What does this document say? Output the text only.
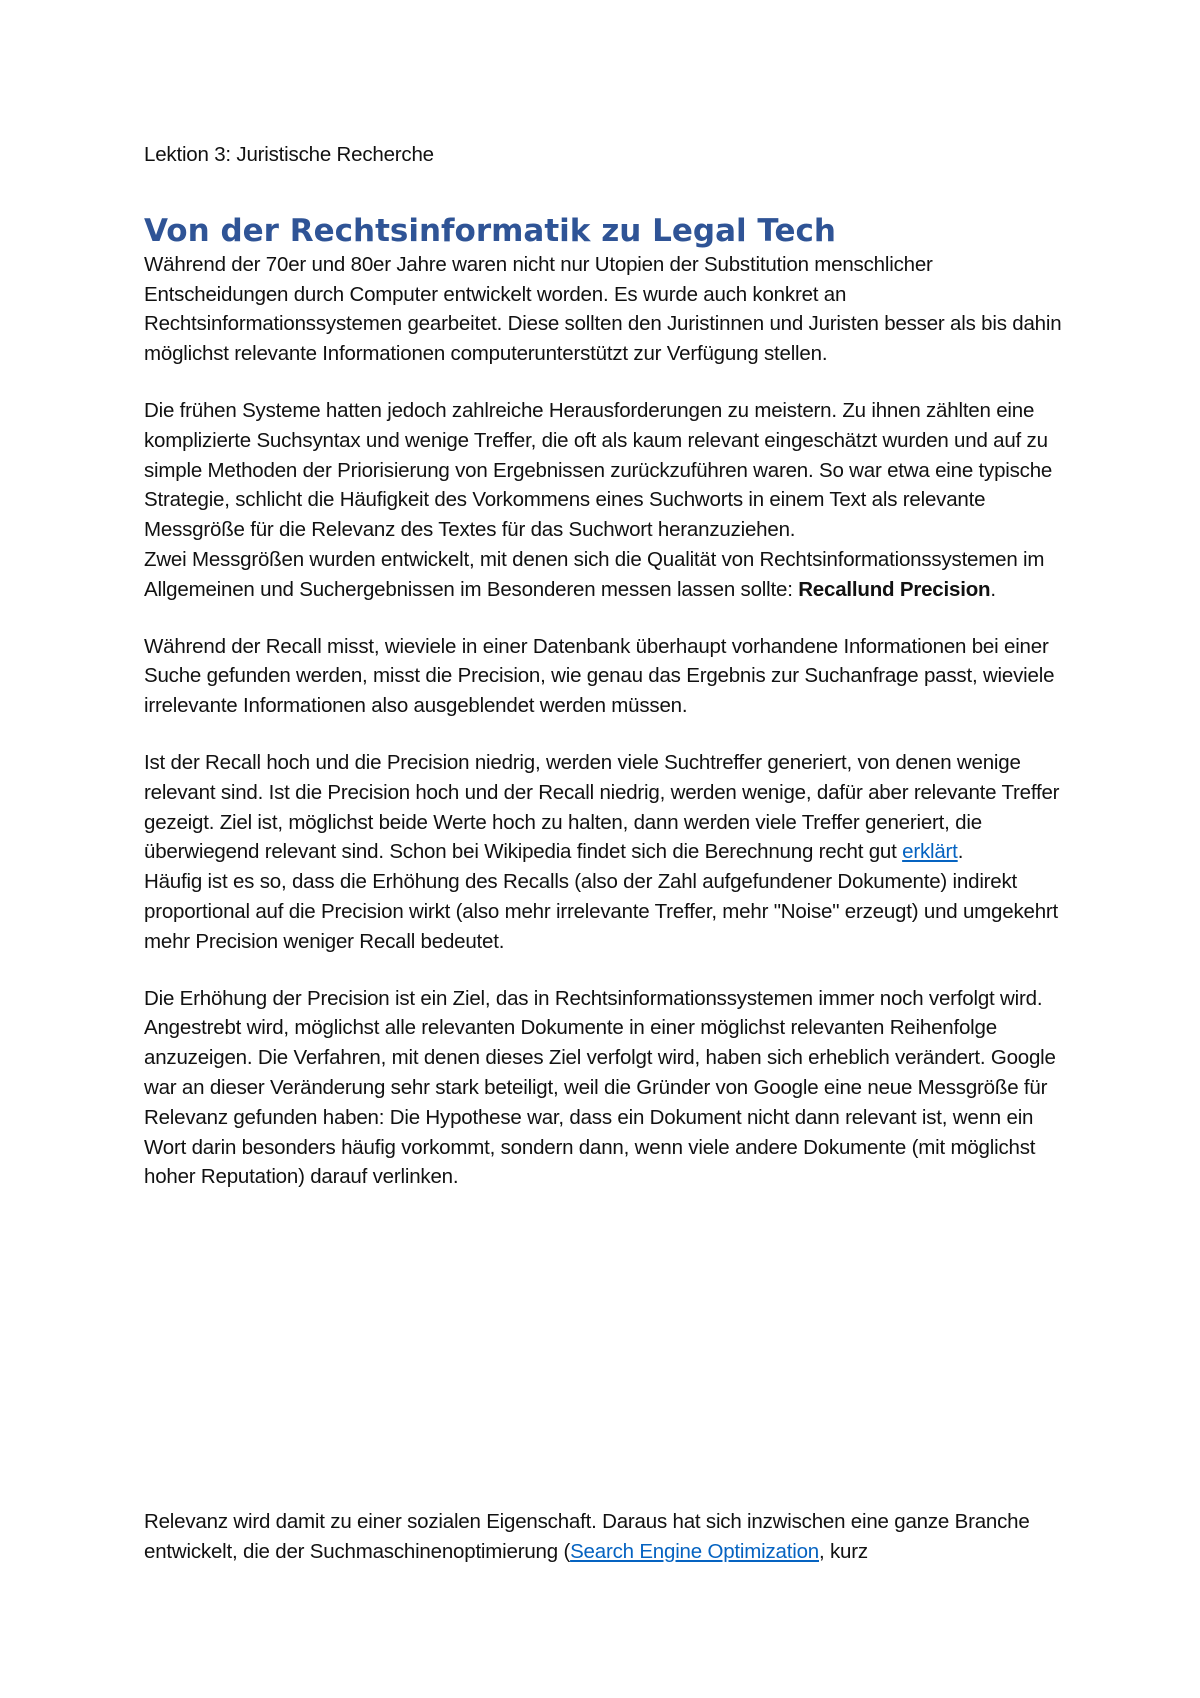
Lektion 3: Juristische Recherche

Von der Rechtsinformatik zu Legal Tech

Während der 70er und 80er Jahre waren nicht nur Utopien der Substitution menschlicher Entscheidungen durch Computer entwickelt worden. Es wurde auch konkret an Rechtsinformationssystemen gearbeitet. Diese sollten den Juristinnen und Juristen besser als bis dahin möglichst relevante Informationen computerunterstützt zur Verfügung stellen.

Die frühen Systeme hatten jedoch zahlreiche Herausforderungen zu meistern. Zu ihnen zählten eine komplizierte Suchsyntax und wenige Treffer, die oft als kaum relevant eingeschätzt wurden und auf zu simple Methoden der Priorisierung von Ergebnissen zurückzuführen waren. So war etwa eine typische Strategie, schlicht die Häufigkeit des Vorkommens eines Suchworts in einem Text als relevante Messgröße für die Relevanz des Textes für das Suchwort heranzuziehen.

Zwei Messgrößen wurden entwickelt, mit denen sich die Qualität von Rechtsinformationssystemen im Allgemeinen und Suchergebnissen im Besonderen messen lassen sollte: Recallund Precision.

Während der Recall misst, wieviele in einer Datenbank überhaupt vorhandene Informationen bei einer Suche gefunden werden, misst die Precision, wie genau das Ergebnis zur Suchanfrage passt, wieviele irrelevante Informationen also ausgeblendet werden müssen.

Ist der Recall hoch und die Precision niedrig, werden viele Suchtreffer generiert, von denen wenige relevant sind. Ist die Precision hoch und der Recall niedrig, werden wenige, dafür aber relevante Treffer gezeigt. Ziel ist, möglichst beide Werte hoch zu halten, dann werden viele Treffer generiert, die überwiegend relevant sind. Schon bei Wikipedia findet sich die Berechnung recht gut erklärt.

Häufig ist es so, dass die Erhöhung des Recalls (also der Zahl aufgefundener Dokumente) indirekt proportional auf die Precision wirkt (also mehr irrelevante Treffer, mehr "Noise" erzeugt) und umgekehrt mehr Precision weniger Recall bedeutet.

Die Erhöhung der Precision ist ein Ziel, das in Rechtsinformationssystemen immer noch verfolgt wird. Angestrebt wird, möglichst alle relevanten Dokumente in einer möglichst relevanten Reihenfolge anzuzeigen. Die Verfahren, mit denen dieses Ziel verfolgt wird, haben sich erheblich verändert. Google war an dieser Veränderung sehr stark beteiligt, weil die Gründer von Google eine neue Messgröße für Relevanz gefunden haben: Die Hypothese war, dass ein Dokument nicht dann relevant ist, wenn ein Wort darin besonders häufig vorkommt, sondern dann, wenn viele andere Dokumente (mit möglichst hoher Reputation) darauf verlinken.

Relevanz wird damit zu einer sozialen Eigenschaft. Daraus hat sich inzwischen eine ganze Branche entwickelt, die der Suchmaschinenoptimierung (Search Engine Optimization, kurz
